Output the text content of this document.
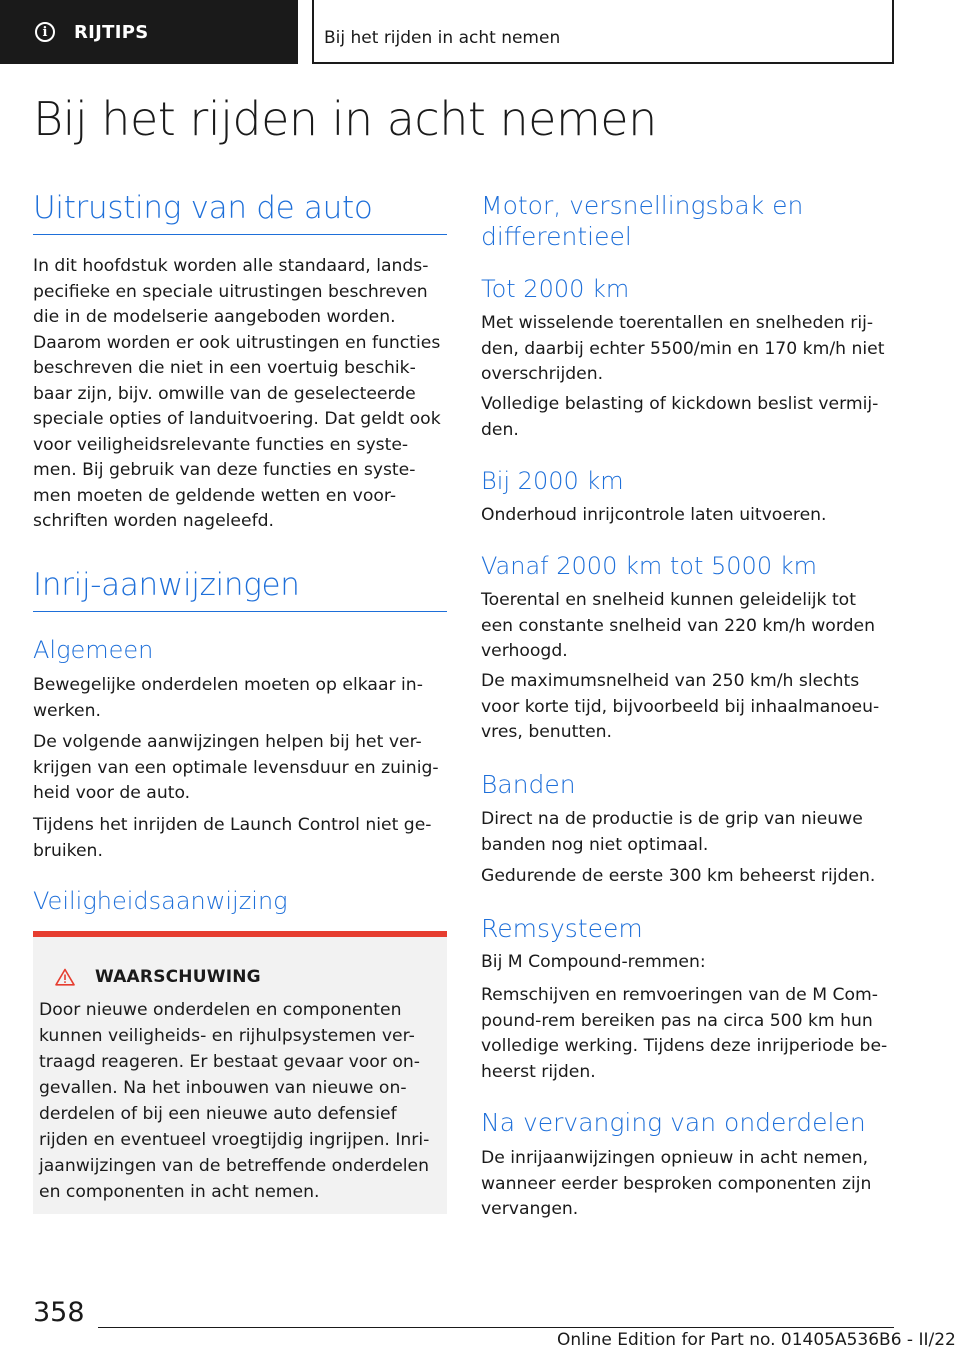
i	RIJTIPS	Bij het rijden in acht nemen
Bij het rijden in acht nemen
Uitrusting van de auto
In dit hoofdstuk worden alle standaard, lands-
pecifieke en speciale uitrustingen beschreven
die in de modelserie aangeboden worden.
Daarom worden er ook uitrustingen en functies
beschreven die niet in een voertuig beschik-
baar zijn, bijv. omwille van de geselecteerde
speciale opties of landuitvoering. Dat geldt ook
voor veiligheidsrelevante functies en syste-
men. Bij gebruik van deze functies en syste-
men moeten de geldende wetten en voor-
schriften worden nageleefd.
Inrij-aanwijzingen
Algemeen
Bewegelijke onderdelen moeten op elkaar in-
werken.
De volgende aanwijzingen helpen bij het ver-
krijgen van een optimale levensduur en zuinig-
heid voor de auto.
Tijdens het inrijden de Launch Control niet ge-
bruiken.
Veiligheidsaanwijzing
WAARSCHUWING
Door nieuwe onderdelen en componenten
kunnen veiligheids- en rijhulpsystemen ver-
traagd reageren. Er bestaat gevaar voor on-
gevallen. Na het inbouwen van nieuwe on-
derdelen of bij een nieuwe auto defensief
rijden en eventueel vroegtijdig ingrijpen. Inri-
jaanwijzingen van de betreffende onderdelen
en componenten in acht nemen.
Motor, versnellingsbak en
differentieel
Tot 2000 km
Met wisselende toerentallen en snelheden rij-
den, daarbij echter 5500/min en 170 km/h niet
overschrijden.
Volledige belasting of kickdown beslist vermij-
den.
Bij 2000 km
Onderhoud inrijcontrole laten uitvoeren.
Vanaf 2000 km tot 5000 km
Toerental en snelheid kunnen geleidelijk tot
een constante snelheid van 220 km/h worden
verhoogd.
De maximumsnelheid van 250 km/h slechts
voor korte tijd, bijvoorbeeld bij inhaalmanoeu-
vres, benutten.
Banden
Direct na de productie is de grip van nieuwe
banden nog niet optimaal.
Gedurende de eerste 300 km beheerst rijden.
Remsysteem
Bij M Compound-remmen:
Remschijven en remvoeringen van de M Com-
pound-rem bereiken pas na circa 500 km hun
volledige werking. Tijdens deze inrijperiode be-
heerst rijden.
Na vervanging van onderdelen
De inrijaanwijzingen opnieuw in acht nemen,
wanneer eerder besproken componenten zijn
vervangen.
358
Online Edition for Part no. 01405A536B6 - II/22
